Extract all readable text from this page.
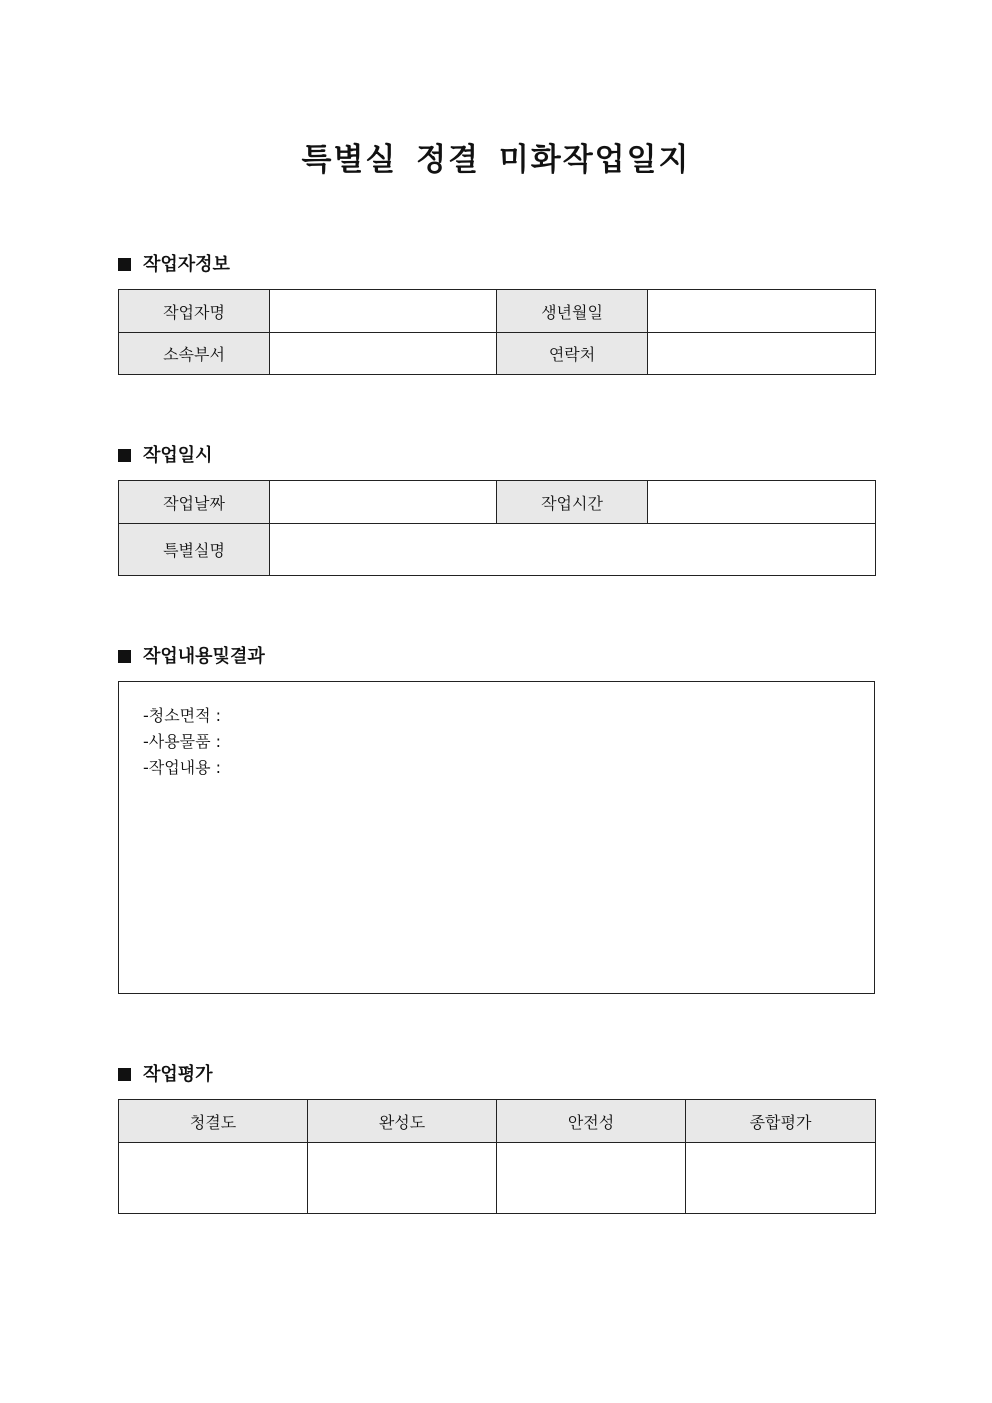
특별실 정결 미화작업일지
작업자정보
작업자명		생년월일	
소속부서		연락처	
작업일시
작업날짜		작업시간	
특별실명			
작업내용및결과
-청소면적 :
-사용물품 :
-작업내용 :
작업평가
청결도	완성도	안전성	종합평가
